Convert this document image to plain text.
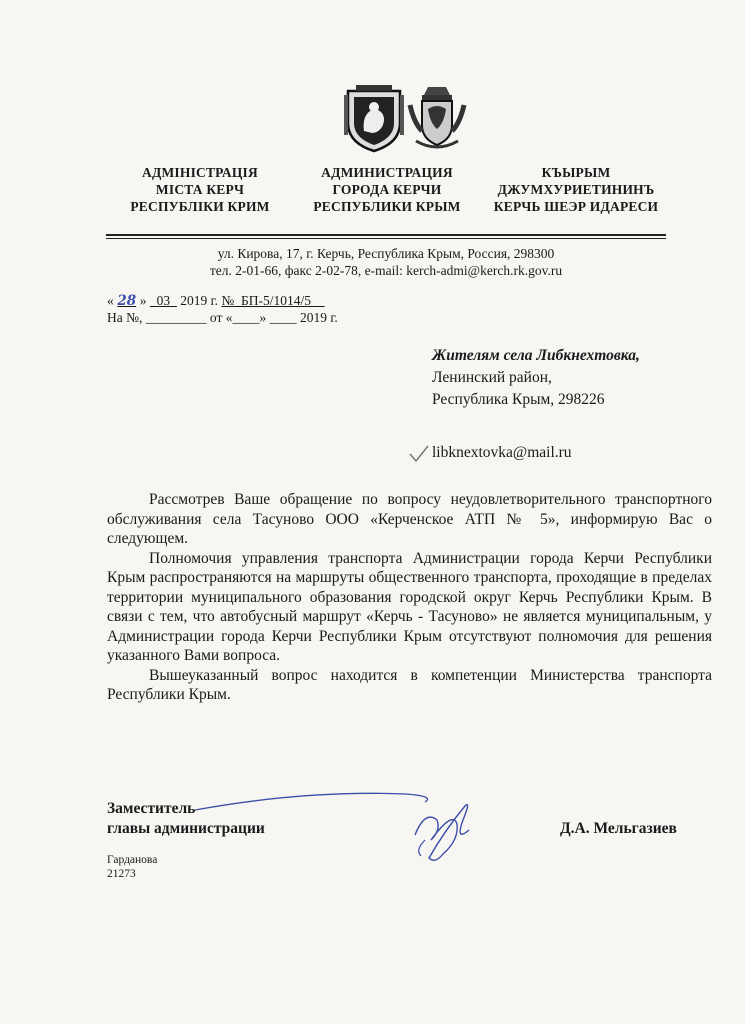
АДМІНІСТРАЦІЯ
МІСТА КЕРЧ
РЕСПУБЛІКИ КРИМ
АДМИНИСТРАЦИЯ
ГОРОДА КЕРЧИ
РЕСПУБЛИКИ КРЫМ
КЪЫРЫМ
ДЖУМХУРИЕТИНИНЪ
КЕРЧЬ ШЕЭР ИДАРЕСИ
ул. Кирова, 17, г. Керчь, Республика Крым, Россия, 298300
тел. 2-01-66, факс 2-02-78, e-mail: kerch-admi@kerch.rk.gov.ru
« 28 » 03 2019 г. № БП-5/1014/5
На №, _________ от «____» ____ 2019 г.
Жителям села Либкнехтовка,
Ленинский район,
Республика Крым, 298226
libknextovka@mail.ru

Рассмотрев Ваше обращение по вопросу неудовлетворительного транспортного обслуживания села Тасуново ООО «Керченское АТП № 5», информирую Вас о следующем.

Полномочия управления транспорта Администрации города Керчи Республики Крым распространяются на маршруты общественного транспорта, проходящие в пределах территории муниципального образования городской округ Керчь Республики Крым. В связи с тем, что автобусный маршрут «Керчь - Тасуново» не является муниципальным, у Администрации города Керчи Республики Крым отсутствуют полномочия для решения указанного Вами вопроса.

Вышеуказанный вопрос находится в компетенции Министерства транспорта Республики Крым.

Заместитель
главы администрации	Д.А. Мельгазиев
Гарданова
21273
